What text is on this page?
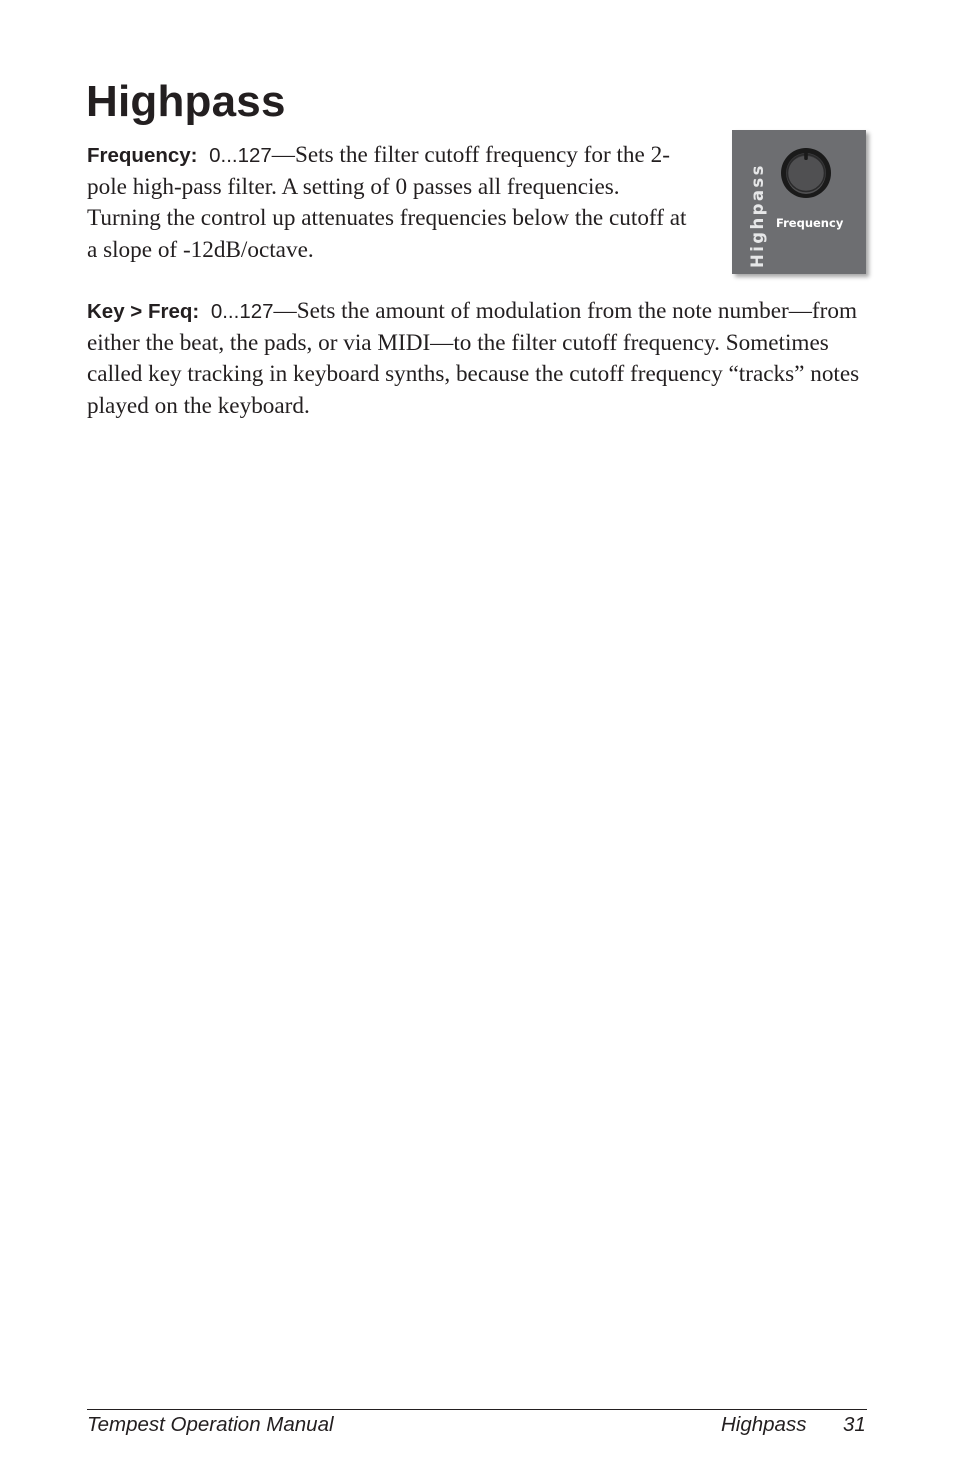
Highpass

Frequency: 0...127—Sets the filter cutoff frequency for the 2-pole high-pass filter. A setting of 0 passes all frequencies. Turning the control up attenuates frequencies below the cutoff at a slope of -12dB/octave.	Highpass Frequency

Key > Freq: 0...127—Sets the amount of modulation from the note number—from either the beat, the pads, or via MIDI—to the filter cutoff frequency. Sometimes called key tracking in keyboard synths, because the cutoff frequency “tracks” notes played on the keyboard.

Tempest Operation Manual	Highpass 31
